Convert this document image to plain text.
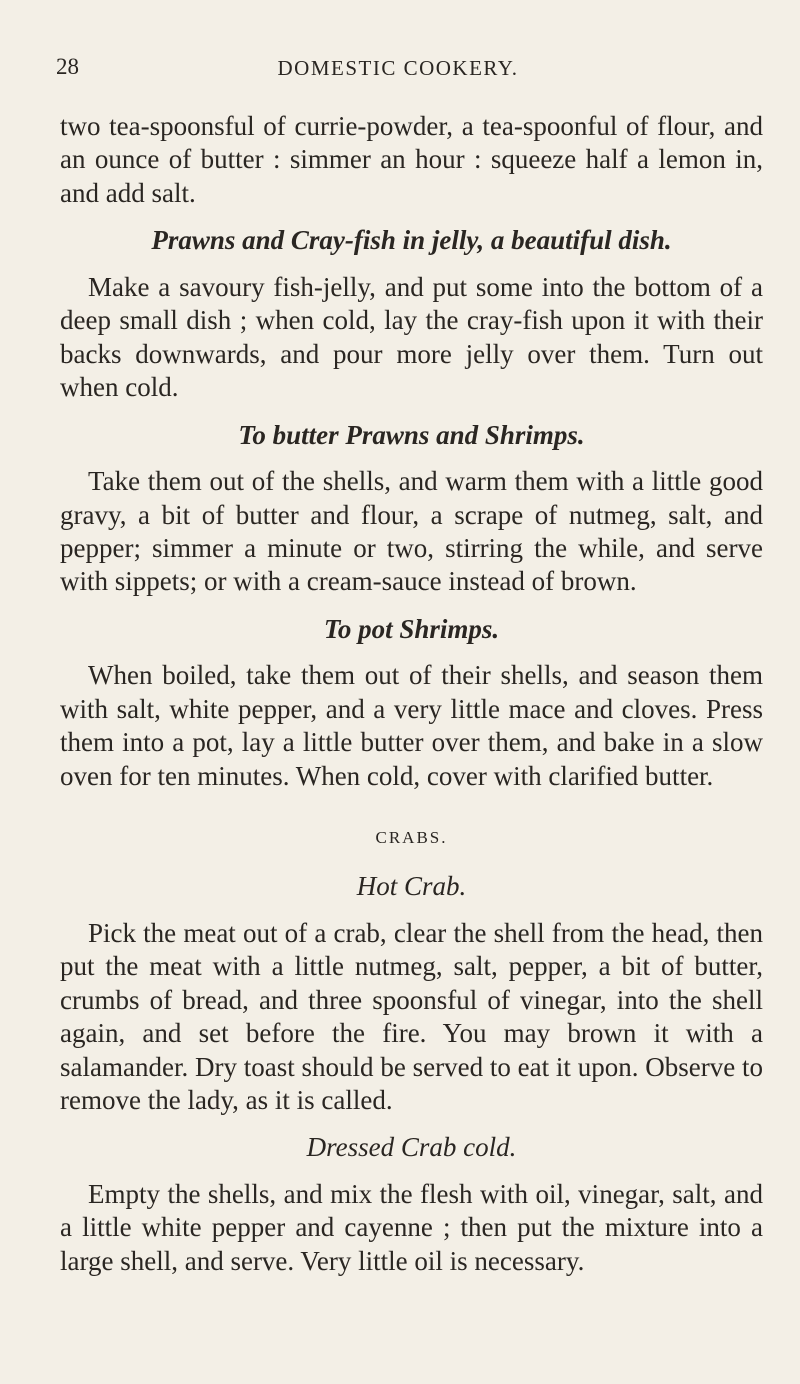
28	DOMESTIC COOKERY.

two tea-spoonsful of currie-powder, a tea-spoonful of flour, and an ounce of butter : simmer an hour : squeeze half a lemon in, and add salt.

Prawns and Cray-fish in jelly, a beautiful dish.

Make a savoury fish-jelly, and put some into the bottom of a deep small dish ; when cold, lay the cray-fish upon it with their backs downwards, and pour more jelly over them. Turn out when cold.

To butter Prawns and Shrimps.

Take them out of the shells, and warm them with a little good gravy, a bit of butter and flour, a scrape of nutmeg, salt, and pepper; simmer a minute or two, stirring the while, and serve with sippets; or with a cream-sauce instead of brown.

To pot Shrimps.

When boiled, take them out of their shells, and season them with salt, white pepper, and a very little mace and cloves. Press them into a pot, lay a little butter over them, and bake in a slow oven for ten minutes. When cold, cover with clarified butter.

CRABS.
Hot Crab.

Pick the meat out of a crab, clear the shell from the head, then put the meat with a little nutmeg, salt, pepper, a bit of butter, crumbs of bread, and three spoonsful of vinegar, into the shell again, and set before the fire. You may brown it with a salamander. Dry toast should be served to eat it upon. Observe to remove the lady, as it is called.

Dressed Crab cold.

Empty the shells, and mix the flesh with oil, vinegar, salt, and a little white pepper and cayenne ; then put the mixture into a large shell, and serve. Very little oil is necessary.
